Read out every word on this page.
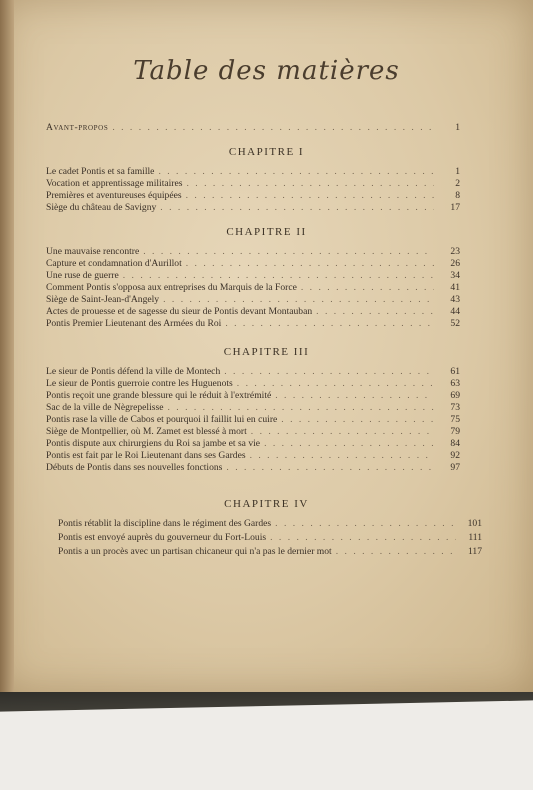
Table des matières
Avant-propos . . .	1
CHAPITRE I
Le cadet Pontis et sa famille . . .	1
Vocation et apprentissage militaires . . .	2
Premières et aventureuses équipées . . .	8
Siège du château de Savigny . . .	17
CHAPITRE II
Une mauvaise rencontre . . .	23
Capture et condamnation d'Aurillot . . .	26
Une ruse de guerre . . .	34
Comment Pontis s'opposa aux entreprises du Marquis de la Force . . .	41
Siège de Saint-Jean-d'Angely . . .	43
Actes de prouesse et de sagesse du sieur de Pontis devant Montauban . . .	44
Pontis Premier Lieutenant des Armées du Roi . . .	52
CHAPITRE III
Le sieur de Pontis défend la ville de Montech . . .	61
Le sieur de Pontis guerroie contre les Huguenots . . .	63
Pontis reçoit une grande blessure qui le réduit à l'extrémité . . .	69
Sac de la ville de Nègrepelisse . . .	73
Pontis rase la ville de Cabos et pourquoi il faillit lui en cuire . . .	75
Siège de Montpellier, où M. Zamet est blessé à mort . . .	79
Pontis dispute aux chirurgiens du Roi sa jambe et sa vie . . .	84
Pontis est fait par le Roi Lieutenant dans ses Gardes . . .	92
Débuts de Pontis dans ses nouvelles fonctions . . .	97
CHAPITRE IV
Pontis rétablit la discipline dans le régiment des Gardes . . .	101
Pontis est envoyé auprès du gouverneur du Fort-Louis . . .	111
Pontis a un procès avec un partisan chicaneur qui n'a pas le dernier mot . . .	117
